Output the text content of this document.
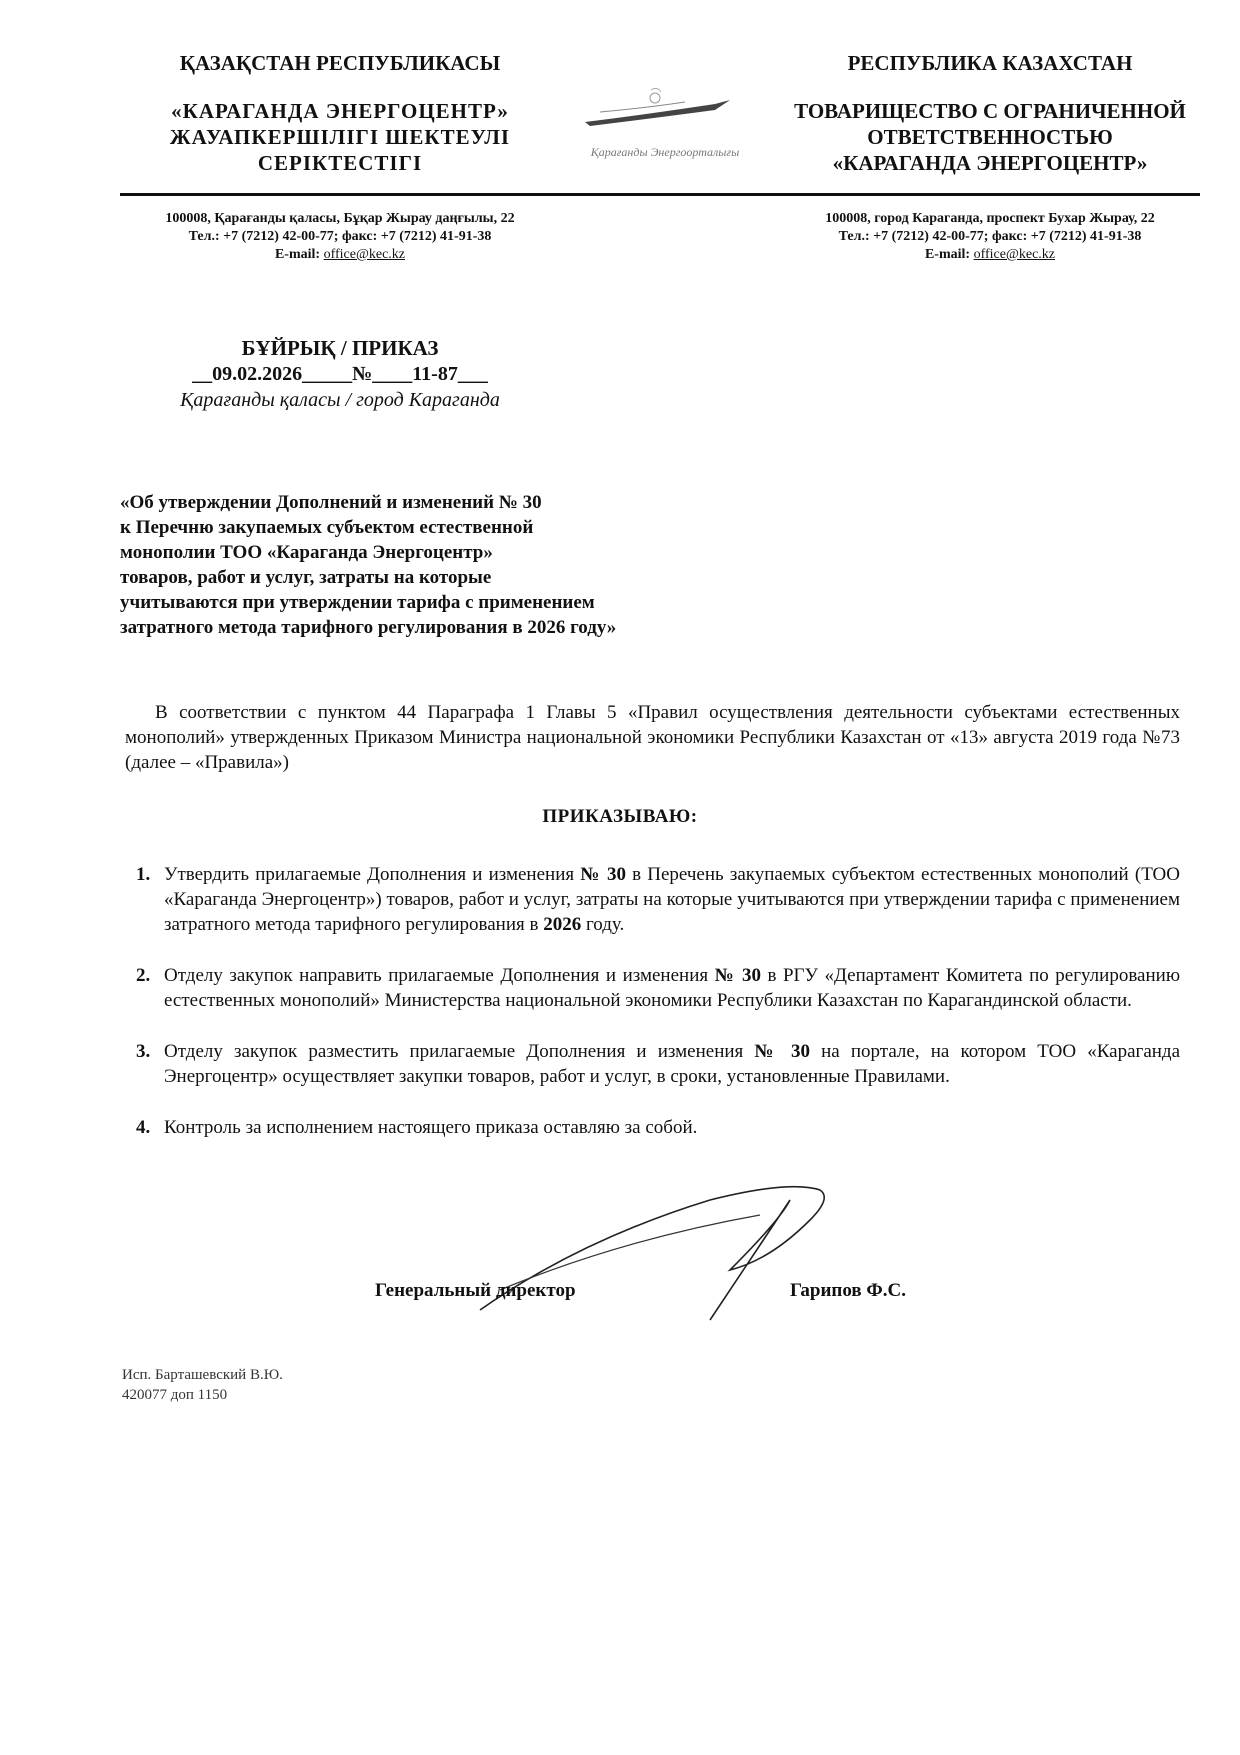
ҚАЗАҚСТАН РЕСПУБЛИКАСЫ
«КАРАГАНДА ЭНЕРГОЦЕНТР»
ЖАУАПКЕРШІЛІГІ ШЕКТЕУЛІ
СЕРІКТЕСТІГІ	Қарағанды Энергоорталығы
РЕСПУБЛИКА КАЗАХСТАН
ТОВАРИЩЕСТВО С ОГРАНИЧЕННОЙ
ОТВЕТСТВЕННОСТЬЮ
«КАРАГАНДА ЭНЕРГОЦЕНТР»
100008, Қарағанды қаласы, Бұқар Жырау даңғылы, 22
Тел.: +7 (7212) 42-00-77; факс: +7 (7212) 41-91-38
E-mail: office@kec.kz
100008, город Караганда, проспект Бухар Жырау, 22
Тел.: +7 (7212) 42-00-77; факс: +7 (7212) 41-91-38
E-mail: office@kec.kz
БҰЙРЫҚ / ПРИКАЗ
__09.02.2026_____№____11-87___
Қарағанды қаласы / город Караганда
«Об утверждении Дополнений и изменений № 30
к Перечню закупаемых субъектом естественной
монополии ТОО «Караганда Энергоцентр»
товаров, работ и услуг, затраты на которые
учитываются при утверждении тарифа с применением
затратного метода тарифного регулирования в 2026 году»
В соответствии с пунктом 44 Параграфа 1 Главы 5 «Правил осуществления деятельности субъектами естественных монополий» утвержденных Приказом Министра национальной экономики Республики Казахстан от «13» августа 2019 года №73 (далее – «Правила»)
ПРИКАЗЫВАЮ:
1. Утвердить прилагаемые Дополнения и изменения № 30 в Перечень закупаемых субъектом естественных монополий (ТОО «Караганда Энергоцентр») товаров, работ и услуг, затраты на которые учитываются при утверждении тарифа с применением затратного метода тарифного регулирования в 2026 году.
2. Отделу закупок направить прилагаемые Дополнения и изменения № 30 в РГУ «Департамент Комитета по регулированию естественных монополий» Министерства национальной экономики Республики Казахстан по Карагандинской области.
3. Отделу закупок разместить прилагаемые Дополнения и изменения № 30 на портале, на котором ТОО «Караганда Энергоцентр» осуществляет закупки товаров, работ и услуг, в сроки, установленные Правилами.
4. Контроль за исполнением настоящего приказа оставляю за собой.
Генеральный директор	Гарипов Ф.С.
Исп. Барташевский В.Ю.
420077 доп 1150
